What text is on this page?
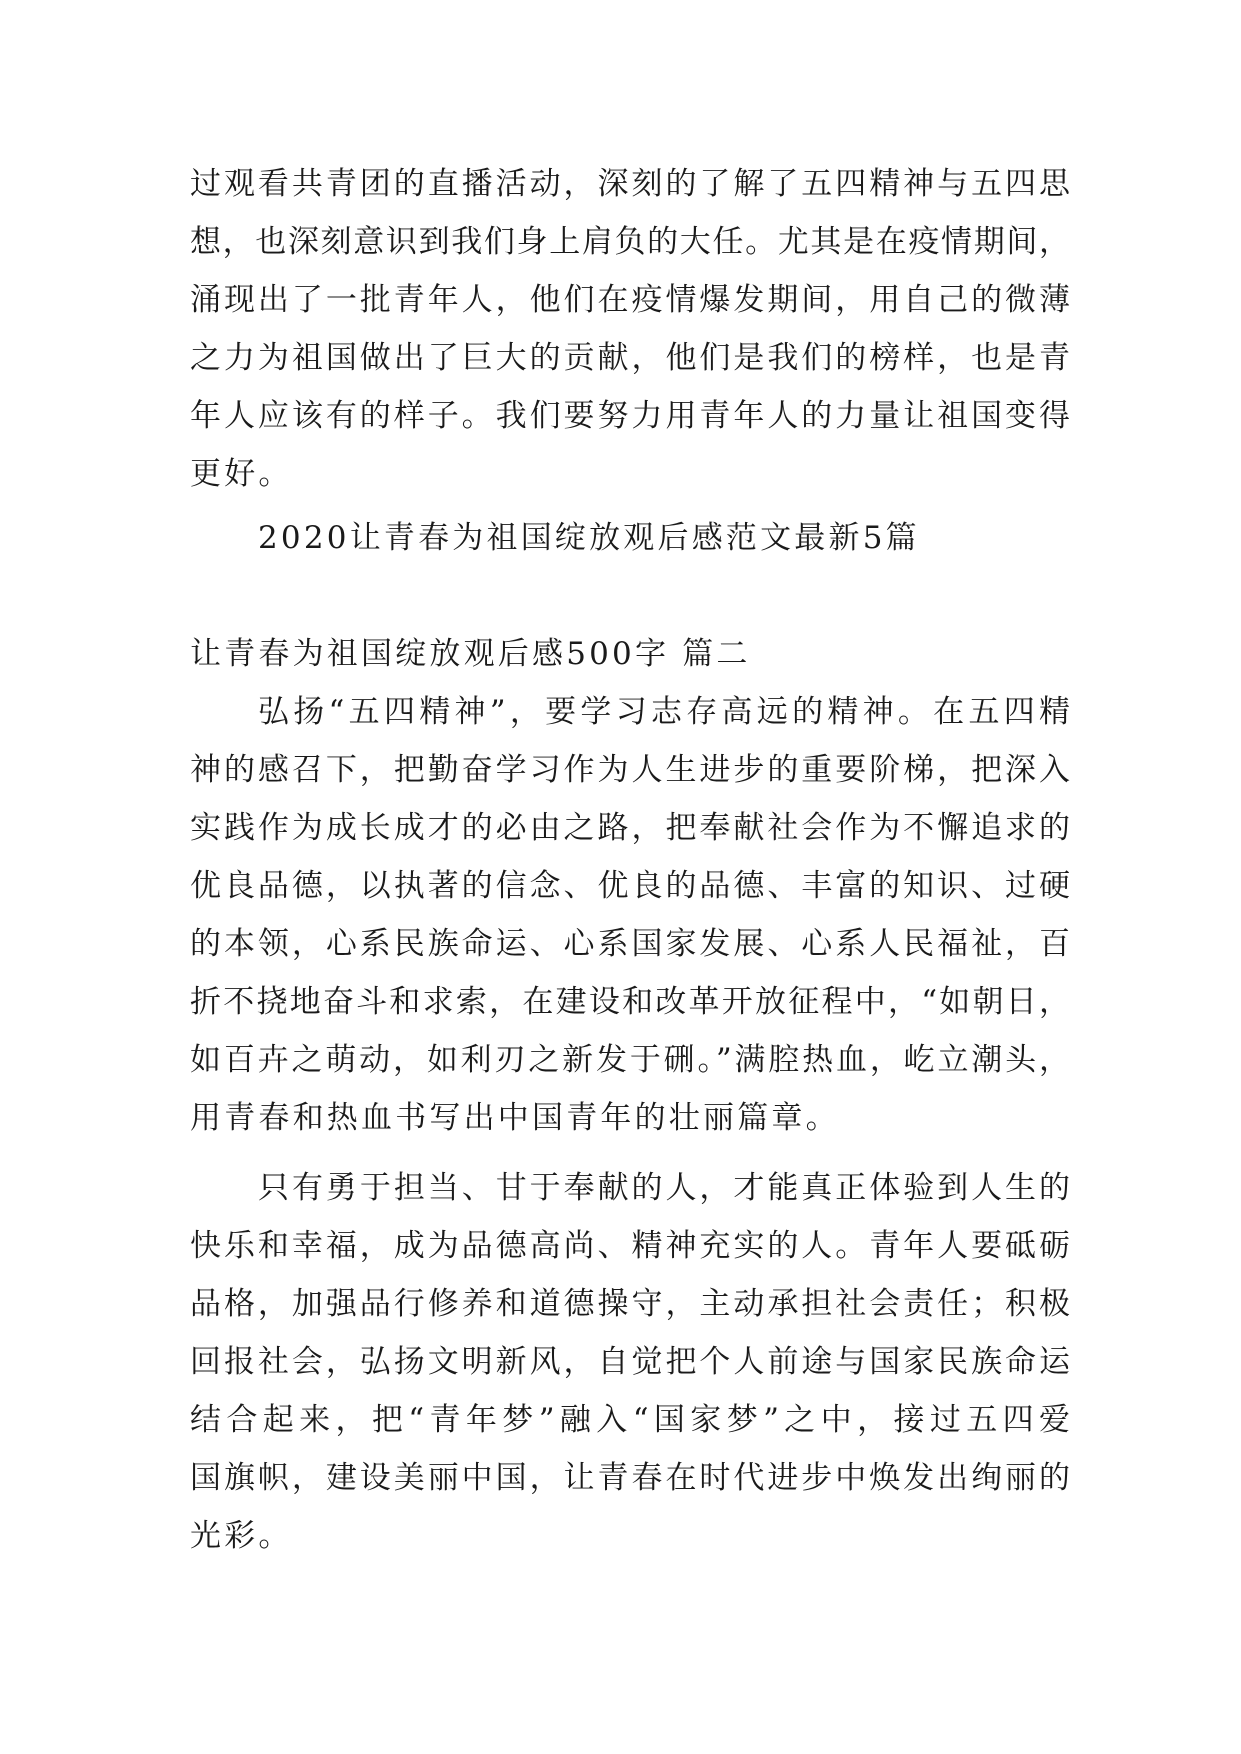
过观看共青团的直播活动，深刻的了解了五四精神与五四思
想，也深刻意识到我们身上肩负的大任。尤其是在疫情期间，
涌现出了一批青年人，他们在疫情爆发期间，用自己的微薄
之力为祖国做出了巨大的贡献，他们是我们的榜样，也是青
年人应该有的样子。我们要努力用青年人的力量让祖国变得
更好。
2020让青春为祖国绽放观后感范文最新5篇
让青春为祖国绽放观后感500字 篇二
弘扬“五四精神”，要学习志存高远的精神。在五四精
神的感召下，把勤奋学习作为人生进步的重要阶梯，把深入
实践作为成长成才的必由之路，把奉献社会作为不懈追求的
优良品德，以执著的信念、优良的品德、丰富的知识、过硬
的本领，心系民族命运、心系国家发展、心系人民福祉，百
折不挠地奋斗和求索，在建设和改革开放征程中，“如朝日，
如百卉之萌动，如利刃之新发于硎。”满腔热血，屹立潮头，
用青春和热血书写出中国青年的壮丽篇章。
只有勇于担当、甘于奉献的人，才能真正体验到人生的
快乐和幸福，成为品德高尚、精神充实的人。青年人要砥砺
品格，加强品行修养和道德操守，主动承担社会责任；积极
回报社会，弘扬文明新风，自觉把个人前途与国家民族命运
结合起来，把“青年梦”融入“国家梦”之中，接过五四爱
国旗帜，建设美丽中国，让青春在时代进步中焕发出绚丽的
光彩。
